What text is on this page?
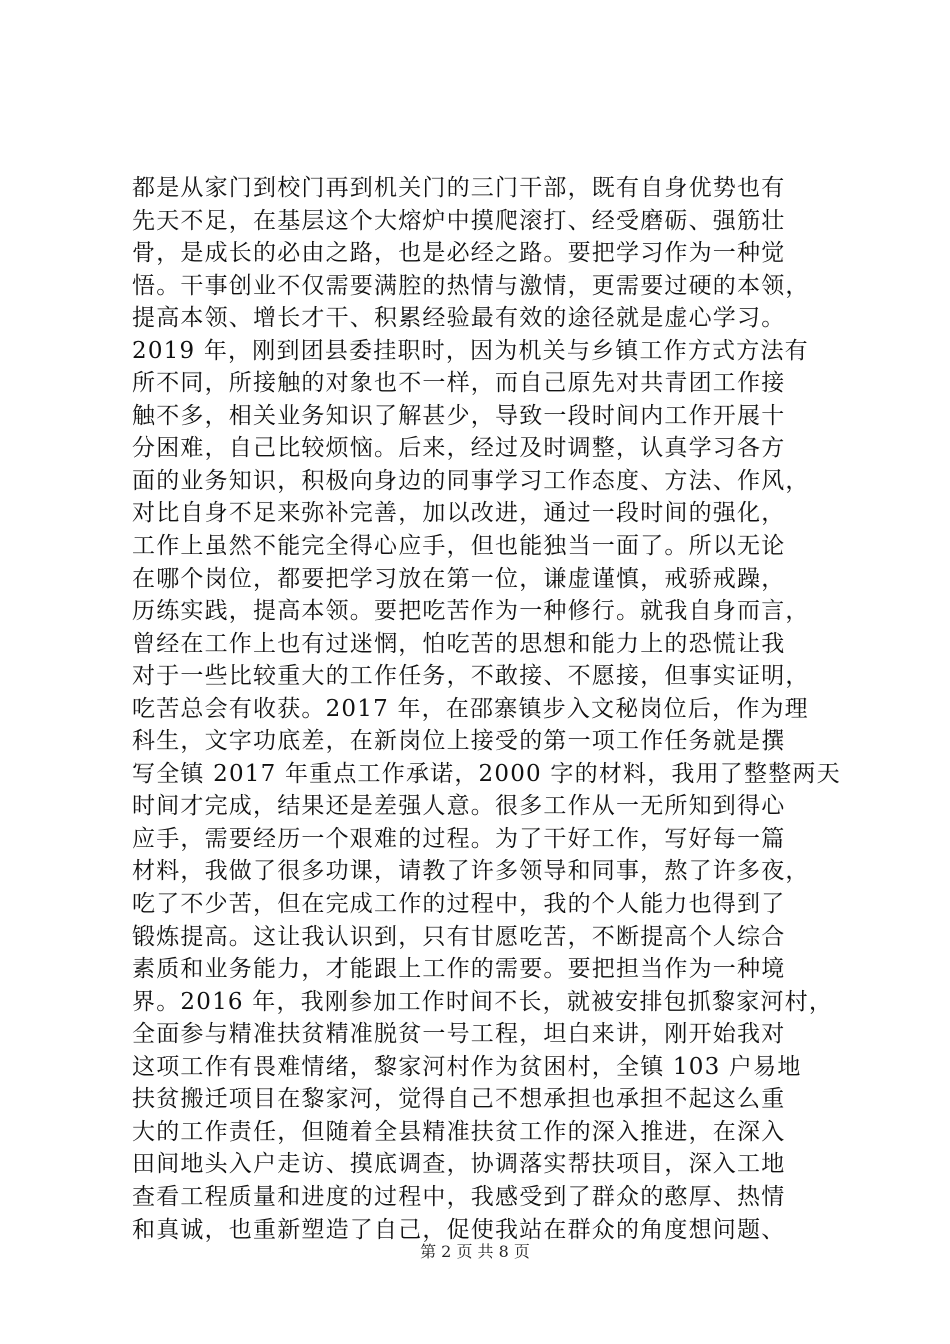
都是从家门到校门再到机关门的三门干部，既有自身优势也有
先天不足，在基层这个大熔炉中摸爬滚打、经受磨砺、强筋壮
骨，是成长的必由之路，也是必经之路。要把学习作为一种觉
悟。干事创业不仅需要满腔的热情与激情，更需要过硬的本领，
提高本领、增长才干、积累经验最有效的途径就是虚心学习。
2019 年，刚到团县委挂职时，因为机关与乡镇工作方式方法有
所不同，所接触的对象也不一样，而自己原先对共青团工作接
触不多，相关业务知识了解甚少，导致一段时间内工作开展十
分困难，自己比较烦恼。后来，经过及时调整，认真学习各方
面的业务知识，积极向身边的同事学习工作态度、方法、作风，
对比自身不足来弥补完善，加以改进，通过一段时间的强化，
工作上虽然不能完全得心应手，但也能独当一面了。所以无论
在哪个岗位，都要把学习放在第一位，谦虚谨慎，戒骄戒躁，
历练实践，提高本领。要把吃苦作为一种修行。就我自身而言，
曾经在工作上也有过迷惘，怕吃苦的思想和能力上的恐慌让我
对于一些比较重大的工作任务，不敢接、不愿接，但事实证明，
吃苦总会有收获。2017 年，在邵寨镇步入文秘岗位后，作为理
科生，文字功底差，在新岗位上接受的第一项工作任务就是撰
写全镇 2017 年重点工作承诺，2000 字的材料，我用了整整两天
时间才完成，结果还是差强人意。很多工作从一无所知到得心
应手，需要经历一个艰难的过程。为了干好工作，写好每一篇
材料，我做了很多功课，请教了许多领导和同事，熬了许多夜，
吃了不少苦，但在完成工作的过程中，我的个人能力也得到了
锻炼提高。这让我认识到，只有甘愿吃苦，不断提高个人综合
素质和业务能力，才能跟上工作的需要。要把担当作为一种境
界。2016 年，我刚参加工作时间不长，就被安排包抓黎家河村，
全面参与精准扶贫精准脱贫一号工程，坦白来讲，刚开始我对
这项工作有畏难情绪，黎家河村作为贫困村，全镇 103 户易地
扶贫搬迁项目在黎家河，觉得自己不想承担也承担不起这么重
大的工作责任，但随着全县精准扶贫工作的深入推进，在深入
田间地头入户走访、摸底调查，协调落实帮扶项目，深入工地
查看工程质量和进度的过程中，我感受到了群众的憨厚、热情
和真诚，也重新塑造了自己，促使我站在群众的角度想问题、
第 2 页 共 8 页
